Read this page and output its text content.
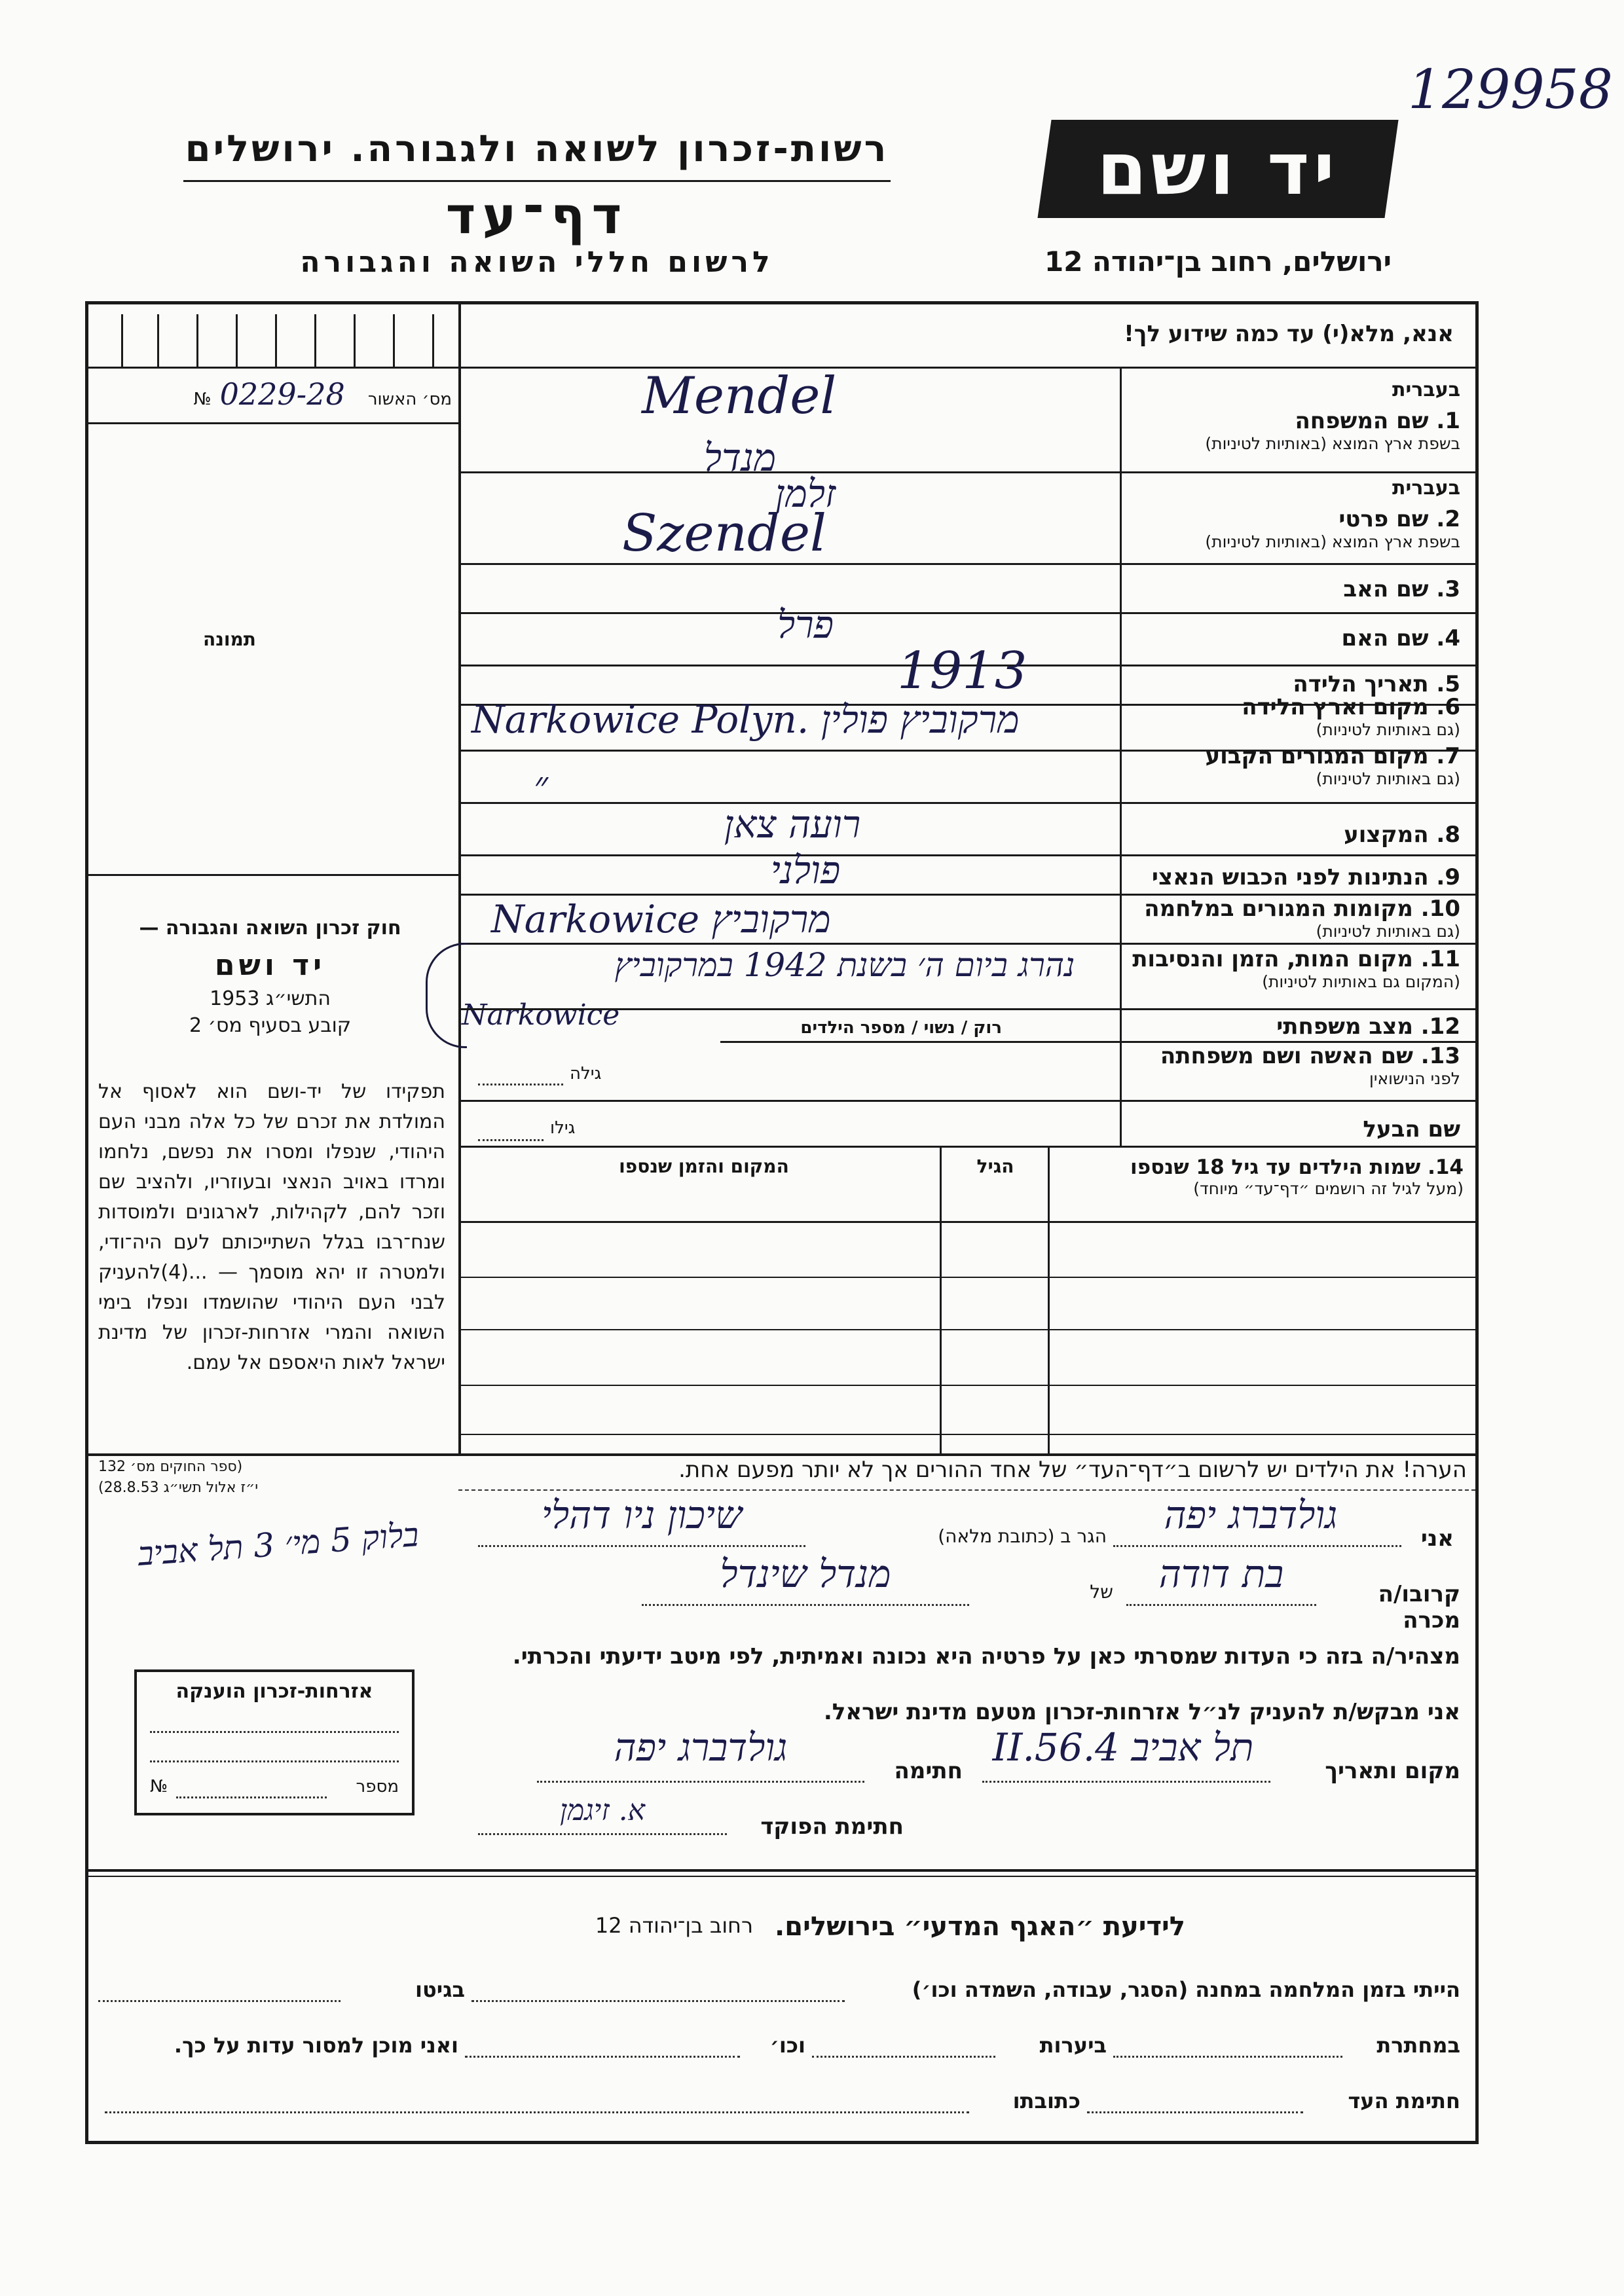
129958
רשות-זכרון לשואה ולגבורה. ירושלים
דף־עד
לרשום חללי השואה והגבורה
יד ושם
ירושלים, רחוב בן־יהודה 12
מס׳ האשור 0229-28 №
תמונה

חוק זכרון השואה והגבורה —

יד ושם

התשי״ג 1953

קובע בסעיף מס׳ 2

תפקידו של יד-ושם הוא לאסוף אל המולדת את זכרם של כל אלה מבני העם היהודי, שנפלו ומסרו את נפשם, נלחמו ומרדו באויב הנאצי ובעוזריו, ולהציב שם וזכר להם, לקהילות, לארגונים ולמוסדות שנח־רבו בגלל השתייכותם לעם היה־ודי, ולמטרה זו יהא מוסמך — ...(4)להעניק לבני העם היהודי שהושמדו ונפלו בימי השואה והמרי אזרחות-זכרון של מדינת ישראל לאות היאספם אל עמם.
(ספר החוקים מס׳ 132
י״ז אלול תשי״ג 28.8.53)
אנא, מלא(י) עד כמה שידוע לך!
בעברית
1. שם המשפחה
בשפת ארץ המוצא (באותיות לטיניות)
Mendel
מנדל
בעברית
2. שם פרטי
בשפת ארץ המוצא (באותיות לטיניות)
זלמן
Szendel
3. שם האב
4. שם האם
פרל
5. תאריך הלידה
1913
6. מקום וארץ הלידה
(גם באותיות לטיניות)
Narkowice Polyn. מרקוביץ פולין
7. מקום המגורים הקבוע
(גם באותיות לטיניות)
״
8. המקצוע
רועה צאן
9. הנתינות לפני הכבוש הנאצי
פולני
10. מקומות המגורים במלחמה
(גם באותיות לטיניות)
Narkowice מרקוביץ
11. מקום המות, הזמן והנסיבות
(המקום גם באותיות לטיניות)
נהרג ביום ה׳ בשנת 1942 במרקוביץ
Narkowice	12. מצב משפחתי
רוק / נשוי / מספר הילדים
13. שם האשה ושם משפחתה
לפני הנישואין
גילה
שם הבעל
גילו
14. שמות הילדים עד גיל 18 שנספו
(מעל לגיל זה רושמים ״דף־עד״ מיוחד)
הגיל
המקום והזמן שנספו
הערה! את הילדים יש לרשום ב״דף־העד״ של אחד ההורים אך לא יותר מפעם אחת.
אני
גולדברג יפה
הגר ב (כתובת מלאה)
שיכון ניו דהלי
בלוק 5 מי׳ 3 תל אביב
קרובו/ה מכרה
בת דודה
של
מנדל שינדל
מצהיר/ה בזה כי העדות שמסרתי כאן על פרטיה היא נכונה ואמיתית, לפי מיטב ידיעתי והכרתי.
אני מבקש/ת להעניק לנ״ל אזרחות-זכרון מטעם מדינת ישראל.
מקום ותאריך
תל אביב 4.II.56
חתימה
גולדברג יפה
חתימת הפוקד
א. זיגמן
אזרחות-זכרון הוענקה
מספר
№
לידיעת ״האגף המדעי״ בירושלים.
רחוב בן־יהודה 12
הייתי בזמן המלחמה במחנה (הסגר, עבודה, השמדה וכו׳)
בגיטו
במחתרת
ביערות
וכו׳
ואני מוכן למסור עדות על כך.
חתימת העד
כתובתו
